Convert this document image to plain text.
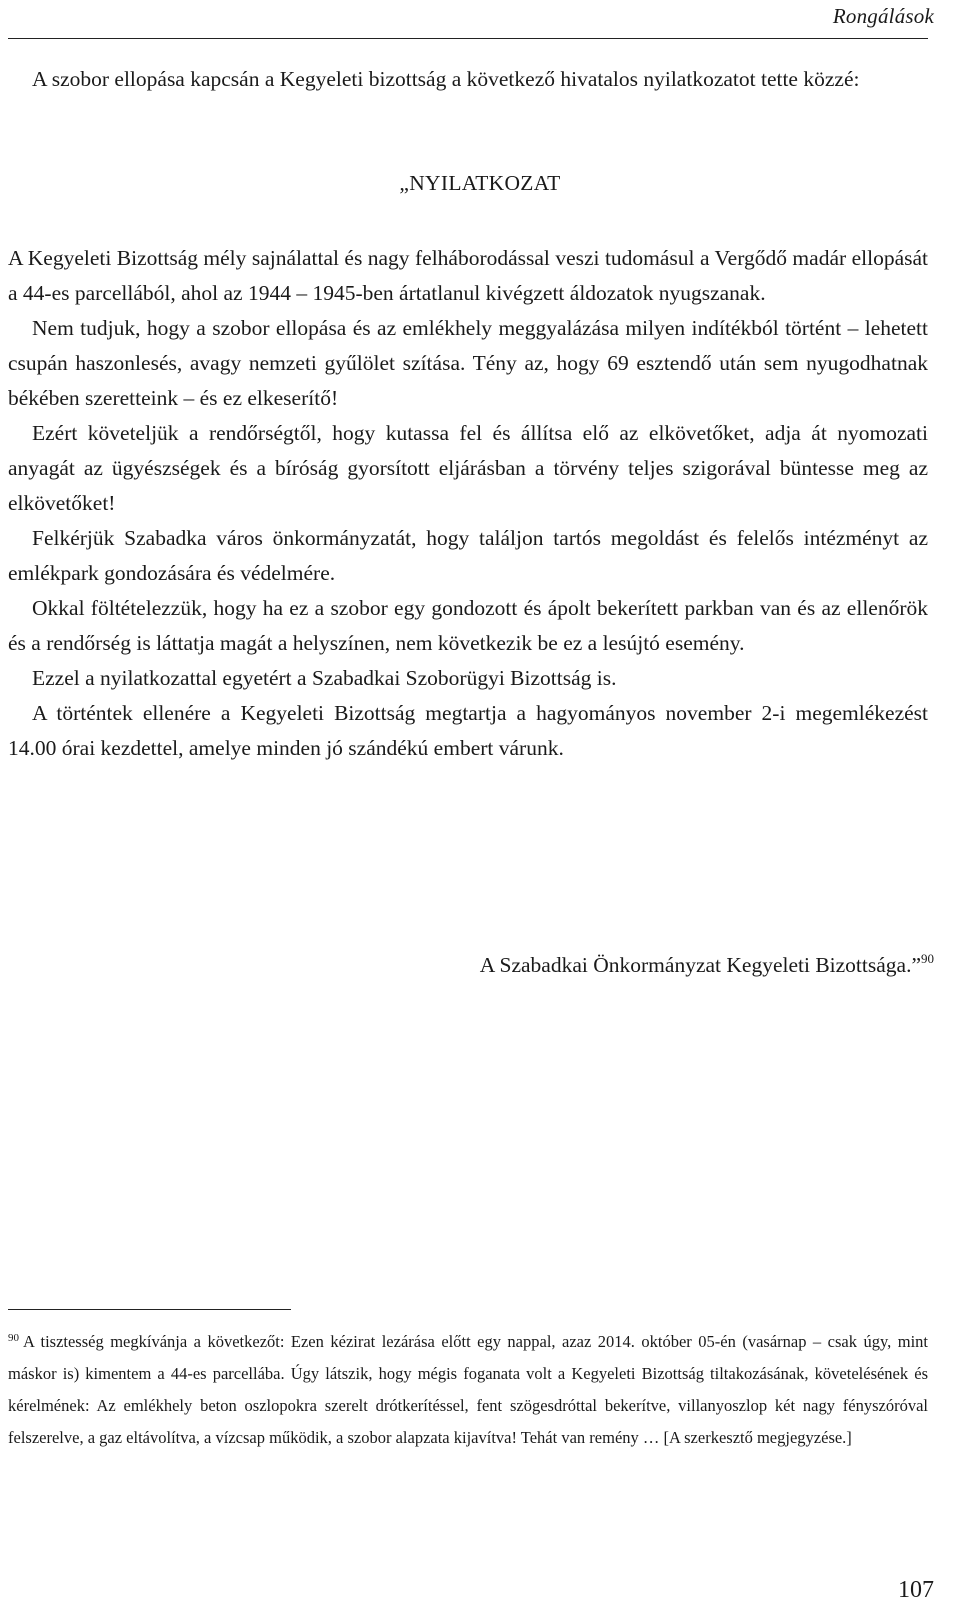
Rongálások

A szobor ellopása kapcsán a Kegyeleti bizottság a következő hivatalos nyilatkozatot tette közzé:

„NYILATKOZAT

A Kegyeleti Bizottság mély sajnálattal és nagy felháborodással veszi tudomásul a Vergődő madár ellopását a 44-es parcellából, ahol az 1944 – 1945-ben ártatlanul kivégzett áldozatok nyugszanak.

Nem tudjuk, hogy a szobor ellopása és az emlékhely meggyalázása milyen indítékból történt – lehetett csupán haszonlesés, avagy nemzeti gyűlölet szítása. Tény az, hogy 69 esztendő után sem nyugodhatnak békében szeretteink – és ez elkeserítő!

Ezért követeljük a rendőrségtől, hogy kutassa fel és állítsa elő az elkövetőket, adja át nyomozati anyagát az ügyészségek és a bíróság gyorsított eljárásban a törvény teljes szigorával büntesse meg az elkövetőket!

Felkérjük Szabadka város önkormányzatát, hogy találjon tartós megoldást és felelős intézményt az emlékpark gondozására és védelmére.

Okkal föltételezzük, hogy ha ez a szobor egy gondozott és ápolt bekerített parkban van és az ellenőrök és a rendőrség is láttatja magát a helyszínen, nem következik be ez a lesújtó esemény.

Ezzel a nyilatkozattal egyetért a Szabadkai Szoborügyi Bizottság is.

A történtek ellenére a Kegyeleti Bizottság megtartja a hagyományos november 2-i megemlékezést 14.00 órai kezdettel, amelye minden jó szándékú embert várunk.

A Szabadkai Önkormányzat Kegyeleti Bizottsága.”$^{90}$

$^{90}$ A tisztesség megkívánja a következőt: Ezen kézirat lezárása előtt egy nappal, azaz 2014. október 05-én (vasárnap – csak úgy, mint máskor is) kimentem a 44-es parcellába. Úgy látszik, hogy mégis foganata volt a Kegyeleti Bizottság tiltakozásának, követelésének és kérelmének: Az emlékhely beton oszlopokra szerelt drótkerítéssel, fent szögesdróttal bekerítve, villanyoszlop két nagy fényszóróval felszerelve, a gaz eltávolítva, a vízcsap működik, a szobor alapzata kijavítva! Tehát van remény … [A szerkesztő megjegyzése.]

107
